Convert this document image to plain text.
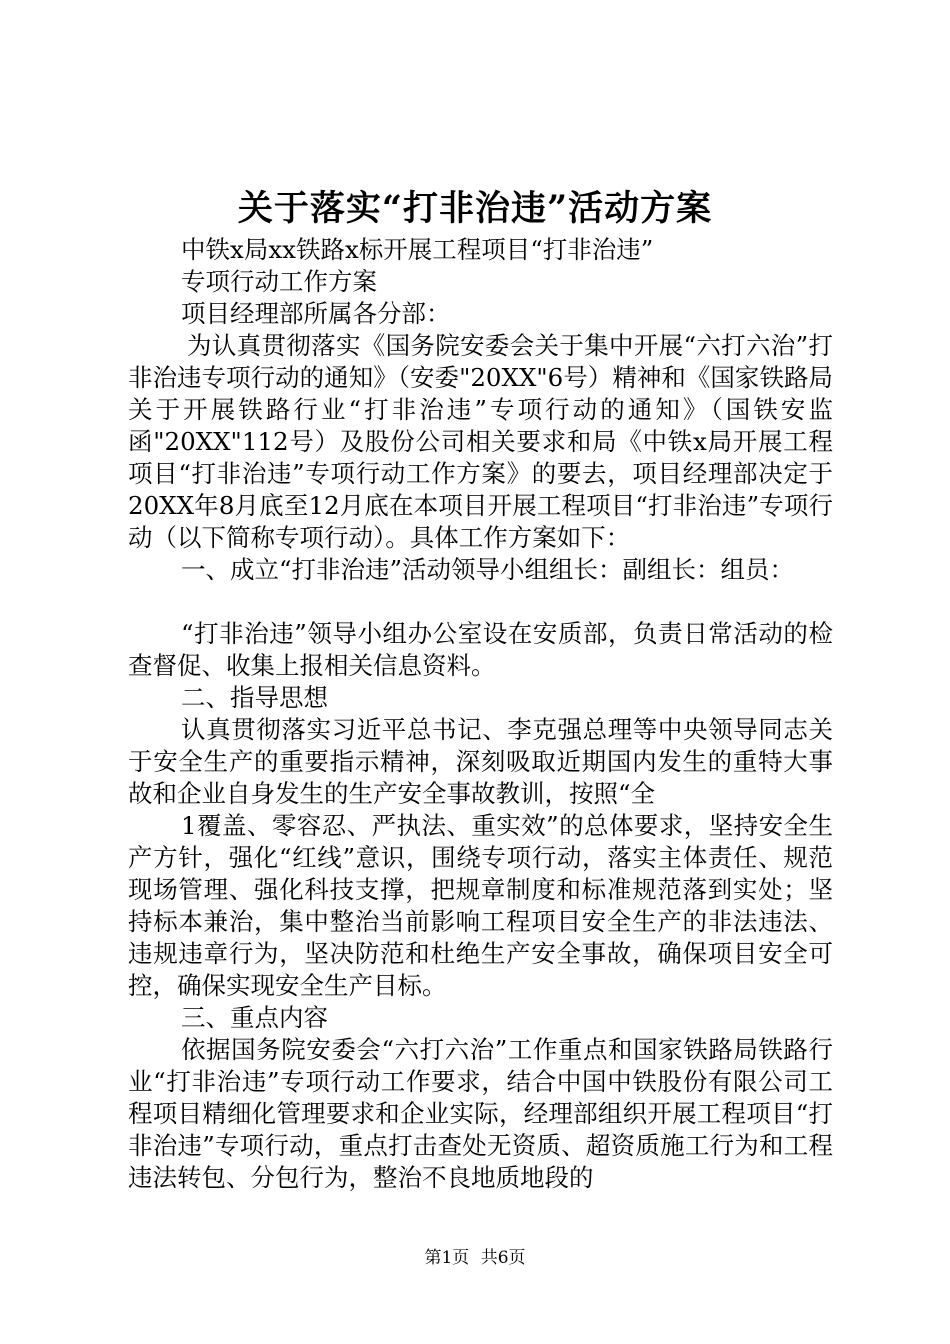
关于落实“打非治违”活动方案

中铁x局xx铁路x标开展工程项目“打非治违”

专项行动工作方案

项目经理部所属各分部：

为认真贯彻落实《国务院安委会关于集中开展“六打六治”打非治违专项行动的通知》（安委"20XX"6号）精神和《国家铁路局关于开展铁路行业“打非治违”专项行动的通知》（国铁安监函"20XX"112号）及股份公司相关要求和局《中铁x局开展工程项目“打非治违”专项行动工作方案》的要去，项目经理部决定于20XX年8月底至12月底在本项目开展工程项目“打非治违”专项行动（以下简称专项行动）。具体工作方案如下：

一、成立“打非治违”活动领导小组组长：副组长：组员：

“打非治违”领导小组办公室设在安质部，负责日常活动的检查督促、收集上报相关信息资料。

二、指导思想

认真贯彻落实习近平总书记、李克强总理等中央领导同志关于安全生产的重要指示精神，深刻吸取近期国内发生的重特大事故和企业自身发生的生产安全事故教训，按照“全

1覆盖、零容忍、严执法、重实效”的总体要求，坚持安全生产方针，强化“红线”意识，围绕专项行动，落实主体责任、规范现场管理、强化科技支撑，把规章制度和标准规范落到实处；坚持标本兼治，集中整治当前影响工程项目安全生产的非法违法、违规违章行为，坚决防范和杜绝生产安全事故，确保项目安全可控，确保实现安全生产目标。

三、重点内容

依据国务院安委会“六打六治”工作重点和国家铁路局铁路行业“打非治违”专项行动工作要求，结合中国中铁股份有限公司工程项目精细化管理要求和企业实际，经理部组织开展工程项目“打非治违”专项行动，重点打击查处无资质、超资质施工行为和工程违法转包、分包行为，整治不良地质地段的

第1页 共6页
